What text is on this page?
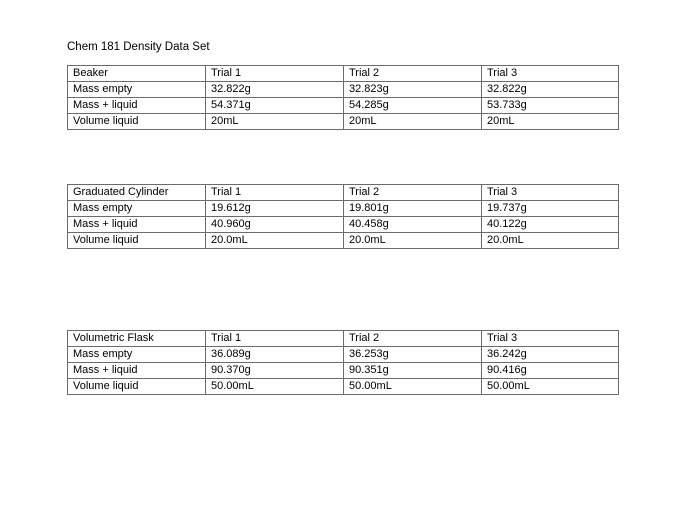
Chem 181 Density Data Set
Beaker	Trial 1	Trial 2	Trial 3
Mass empty	32.822g	32.823g	32.822g
Mass + liquid	54.371g	54.285g	53.733g
Volume liquid	20mL	20mL	20mL
Graduated Cylinder	Trial 1	Trial 2	Trial 3
Mass empty	19.612g	19.801g	19.737g
Mass + liquid	40.960g	40.458g	40.122g
Volume liquid	20.0mL	20.0mL	20.0mL
Volumetric Flask	Trial 1	Trial 2	Trial 3
Mass empty	36.089g	36.253g	36.242g
Mass + liquid	90.370g	90.351g	90.416g
Volume liquid	50.00mL	50.00mL	50.00mL
